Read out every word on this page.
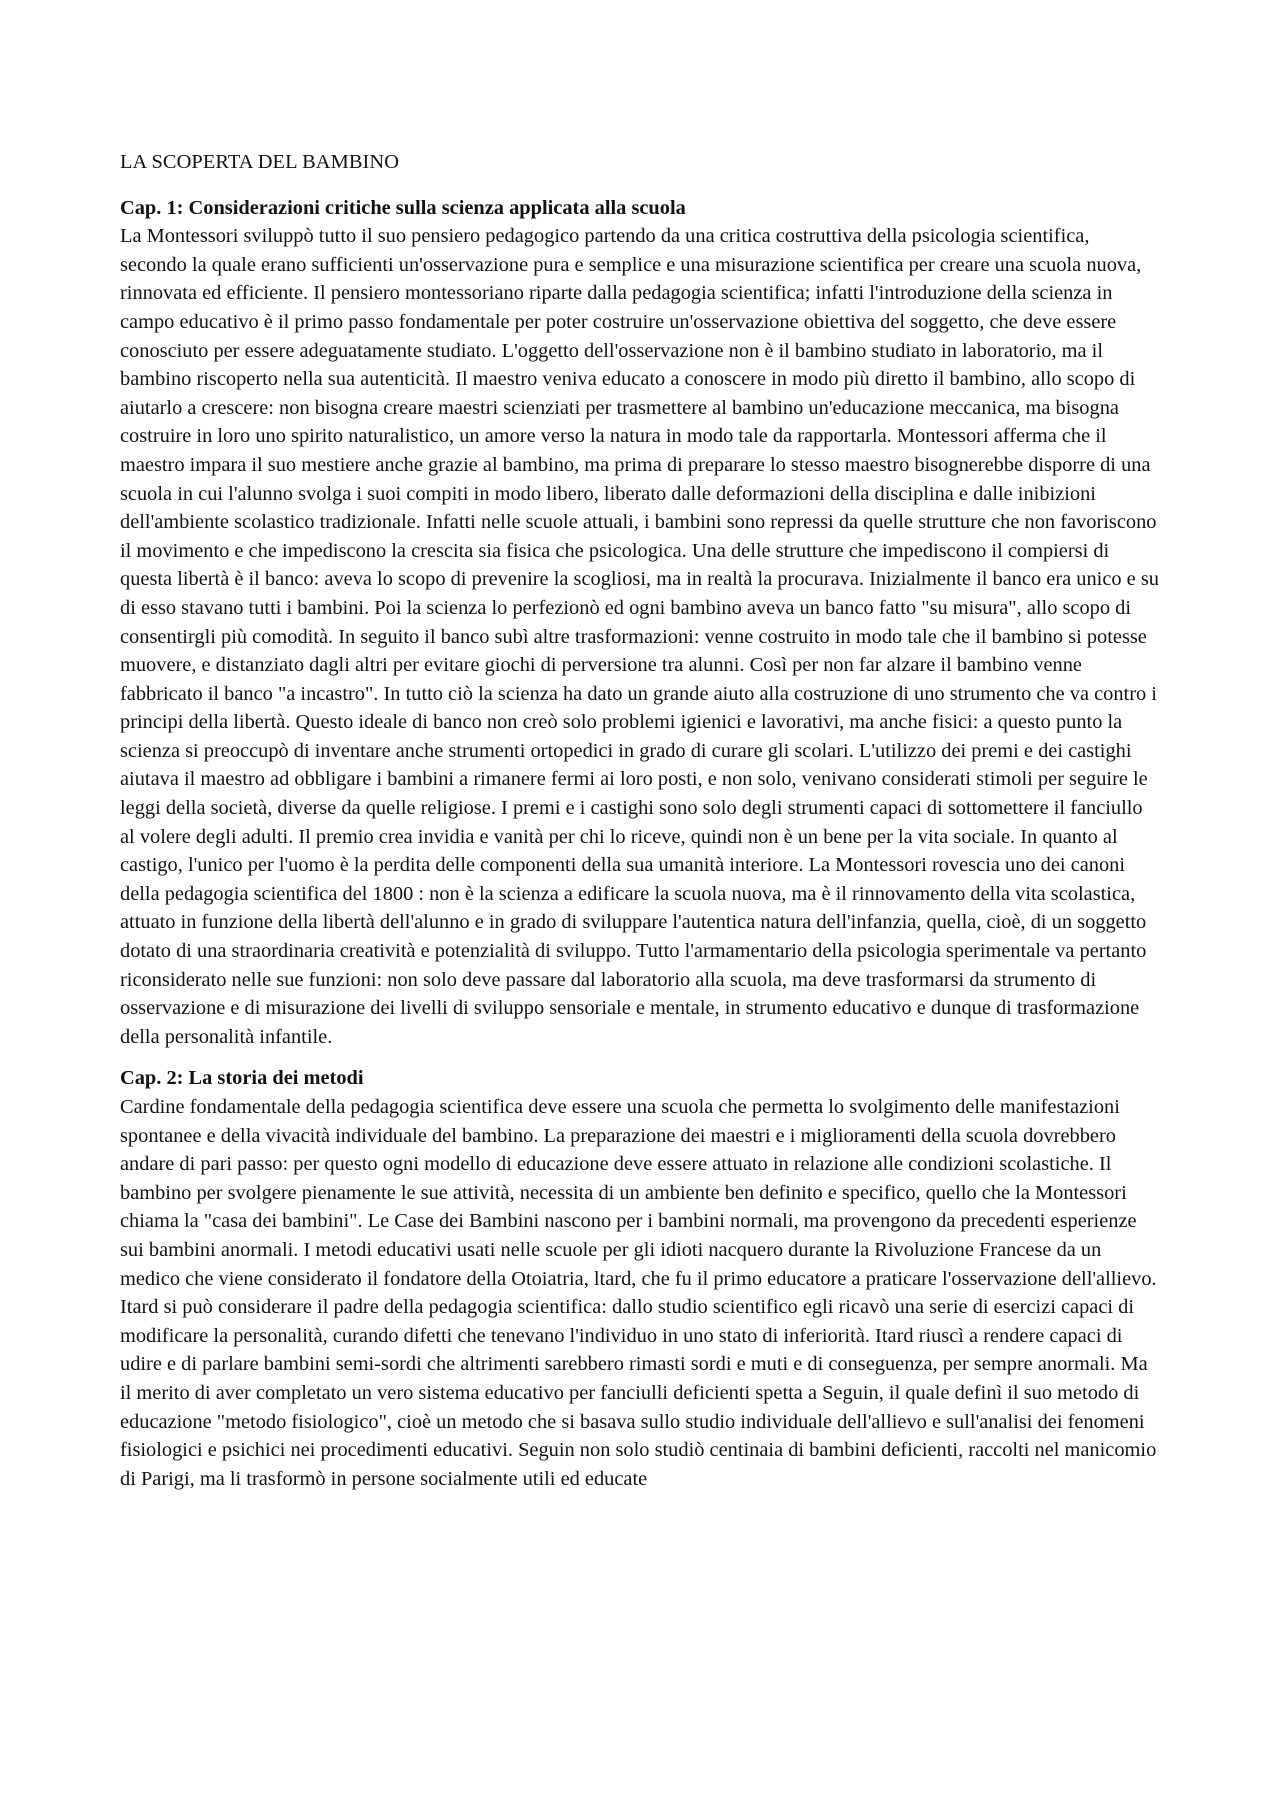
LA SCOPERTA DEL BAMBINO
Cap. 1: Considerazioni critiche sulla scienza applicata alla scuola

La Montessori sviluppò tutto il suo pensiero pedagogico partendo da una critica costruttiva della psicologia scientifica, secondo la quale erano sufficienti un'osservazione pura e semplice e una misurazione scientifica per creare una scuola nuova, rinnovata ed efficiente. Il pensiero montessoriano riparte dalla pedagogia scientifica; infatti l'introduzione della scienza in campo educativo è il primo passo fondamentale per poter costruire un'osservazione obiettiva del soggetto, che deve essere conosciuto per essere adeguatamente studiato. L'oggetto dell'osservazione non è il bambino studiato in laboratorio, ma il bambino riscoperto nella sua autenticità. Il maestro veniva educato a conoscere in modo più diretto il bambino, allo scopo di aiutarlo a crescere: non bisogna creare maestri scienziati per trasmettere al bambino un'educazione meccanica, ma bisogna costruire in loro uno spirito naturalistico, un amore verso la natura in modo tale da rapportarla. Montessori afferma che il maestro impara il suo mestiere anche grazie al bambino, ma prima di preparare lo stesso maestro bisognerebbe disporre di una scuola in cui l'alunno svolga i suoi compiti in modo libero, liberato dalle deformazioni della disciplina e dalle inibizioni dell'ambiente scolastico tradizionale. Infatti nelle scuole attuali, i bambini sono repressi da quelle strutture che non favoriscono il movimento e che impediscono la crescita sia fisica che psicologica. Una delle strutture che impediscono il compiersi di questa libertà è il banco: aveva lo scopo di prevenire la scogliosi, ma in realtà la procurava. Inizialmente il banco era unico e su di esso stavano tutti i bambini. Poi la scienza lo perfezionò ed ogni bambino aveva un banco fatto "su misura", allo scopo di consentirgli più comodità. In seguito il banco subì altre trasformazioni: venne costruito in modo tale che il bambino si potesse muovere, e distanziato dagli altri per evitare giochi di perversione tra alunni. Così per non far alzare il bambino venne fabbricato il banco "a incastro". In tutto ciò la scienza ha dato un grande aiuto alla costruzione di uno strumento che va contro i principi della libertà. Questo ideale di banco non creò solo problemi igienici e lavorativi, ma anche fisici: a questo punto la scienza si preoccupò di inventare anche strumenti ortopedici in grado di curare gli scolari. L'utilizzo dei premi e dei castighi aiutava il maestro ad obbligare i bambini a rimanere fermi ai loro posti, e non solo, venivano considerati stimoli per seguire le leggi della società, diverse da quelle religiose. I premi e i castighi sono solo degli strumenti capaci di sottomettere il fanciullo al volere degli adulti. Il premio crea invidia e vanità per chi lo riceve, quindi non è un bene per la vita sociale. In quanto al castigo, l'unico per l'uomo è la perdita delle componenti della sua umanità interiore. La Montessori rovescia uno dei canoni della pedagogia scientifica del 1800 : non è la scienza a edificare la scuola nuova, ma è il rinnovamento della vita scolastica, attuato in funzione della libertà dell'alunno e in grado di sviluppare l'autentica natura dell'infanzia, quella, cioè, di un soggetto dotato di una straordinaria creatività e potenzialità di sviluppo. Tutto l'armamentario della psicologia sperimentale va pertanto riconsiderato nelle sue funzioni: non solo deve passare dal laboratorio alla scuola, ma deve trasformarsi da strumento di osservazione e di misurazione dei livelli di sviluppo sensoriale e mentale, in strumento educativo e dunque di trasformazione della personalità infantile.

Cap. 2: La storia dei metodi

Cardine fondamentale della pedagogia scientifica deve essere una scuola che permetta lo svolgimento delle manifestazioni spontanee e della vivacità individuale del bambino. La preparazione dei maestri e i miglioramenti della scuola dovrebbero andare di pari passo: per questo ogni modello di educazione deve essere attuato in relazione alle condizioni scolastiche. Il bambino per svolgere pienamente le sue attività, necessita di un ambiente ben definito e specifico, quello che la Montessori chiama la "casa dei bambini". Le Case dei Bambini nascono per i bambini normali, ma provengono da precedenti esperienze sui bambini anormali. I metodi educativi usati nelle scuole per gli idioti nacquero durante la Rivoluzione Francese da un medico che viene considerato il fondatore della Otoiatria, ltard, che fu il primo educatore a praticare l'osservazione dell'allievo. Itard si può considerare il padre della pedagogia scientifica: dallo studio scientifico egli ricavò una serie di esercizi capaci di modificare la personalità, curando difetti che tenevano l'individuo in uno stato di inferiorità. Itard riuscì a rendere capaci di udire e di parlare bambini semi-sordi che altrimenti sarebbero rimasti sordi e muti e di conseguenza, per sempre anormali. Ma il merito di aver completato un vero sistema educativo per fanciulli deficienti spetta a Seguin, il quale definì il suo metodo di educazione "metodo fisiologico", cioè un metodo che si basava sullo studio individuale dell'allievo e sull'analisi dei fenomeni fisiologici e psichici nei procedimenti educativi. Seguin non solo studiò centinaia di bambini deficienti, raccolti nel manicomio di Parigi, ma li trasformò in persone socialmente utili ed educate
